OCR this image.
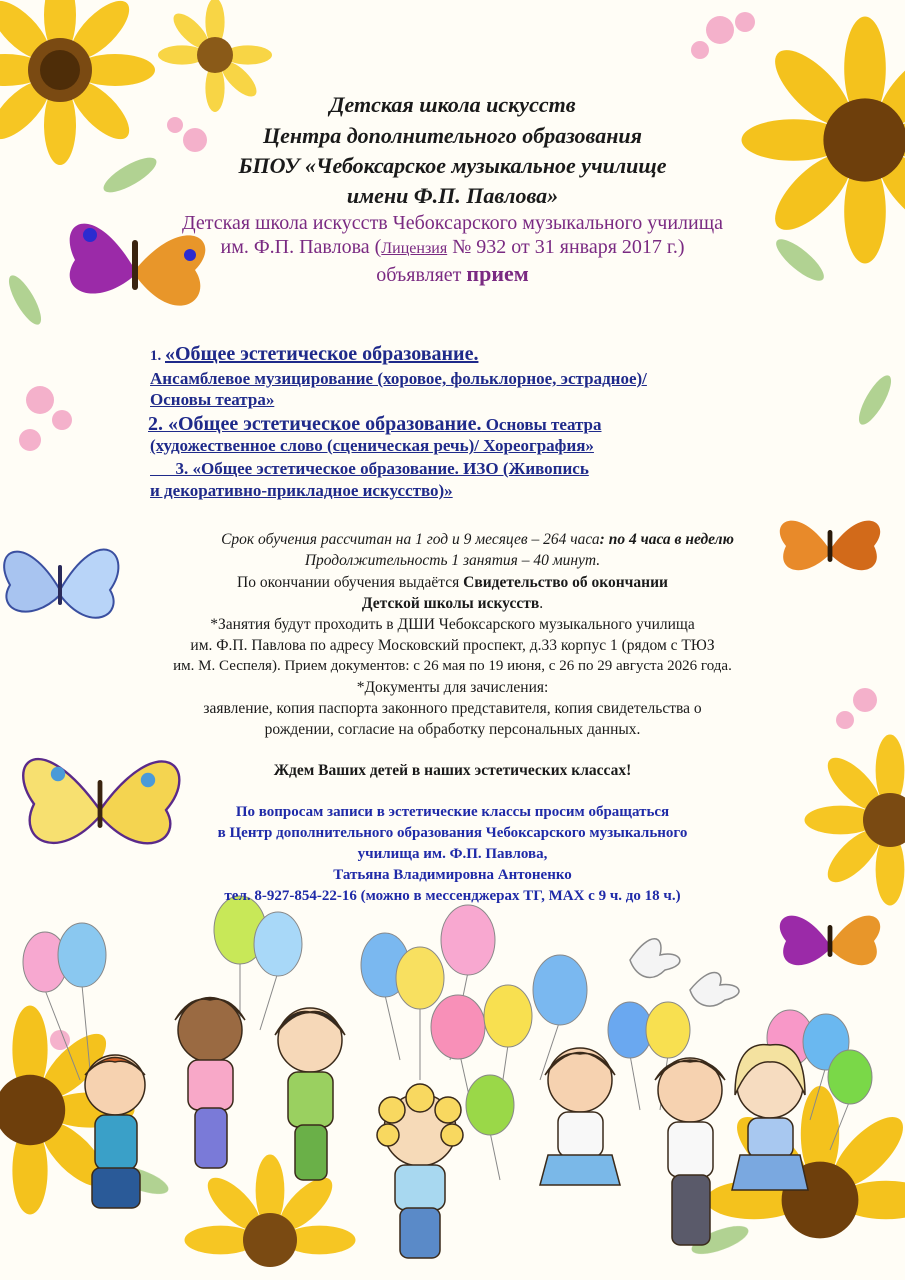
Детская школа искусств
Центра дополнительного образования
БПОУ «Чебоксарское музыкальное училище
имени Ф.П. Павлова»
Детская школа искусств Чебоксарского музыкального училища
им. Ф.П. Павлова (Лицензия № 932 от 31 января 2017 г.)
объявляет прием
1. «Общее эстетическое образование.
Ансамблевое музицирование (хоровое, фольклорное, эстрадное)/
Основы театра»
2. «Общее эстетическое образование. Основы театра
(художественное слово (сценическая речь)/ Хореография»
3. «Общее эстетическое образование. ИЗО (Живопись
и декоративно-прикладное искусство)»
Срок обучения рассчитан на 1 год и 9 месяцев – 264 часа: по 4 часа в неделю
Продолжительность 1 занятия – 40 минут.
По окончании обучения выдаётся Свидетельство об окончании
Детской школы искусств.
*Занятия будут проходить в ДШИ Чебоксарского музыкального училища
им. Ф.П. Павлова по адресу Московский проспект, д.33 корпус 1 (рядом с ТЮЗ
им. М. Сеспеля). Прием документов: с 26 мая по 19 июня, с 26 по 29 августа 2026 года.
*Документы для зачисления:
заявление, копия паспорта законного представителя, копия свидетельства о
рождении, согласие на обработку персональных данных.
Ждем Ваших детей в наших эстетических классах!
По вопросам записи в эстетические классы просим обращаться
в Центр дополнительного образования Чебоксарского музыкального
училища им. Ф.П. Павлова,
Татьяна Владимировна Антоненко
тел. 8-927-854-22-16 (можно в мессенджерах ТГ, MAX с 9 ч. до 18 ч.)
